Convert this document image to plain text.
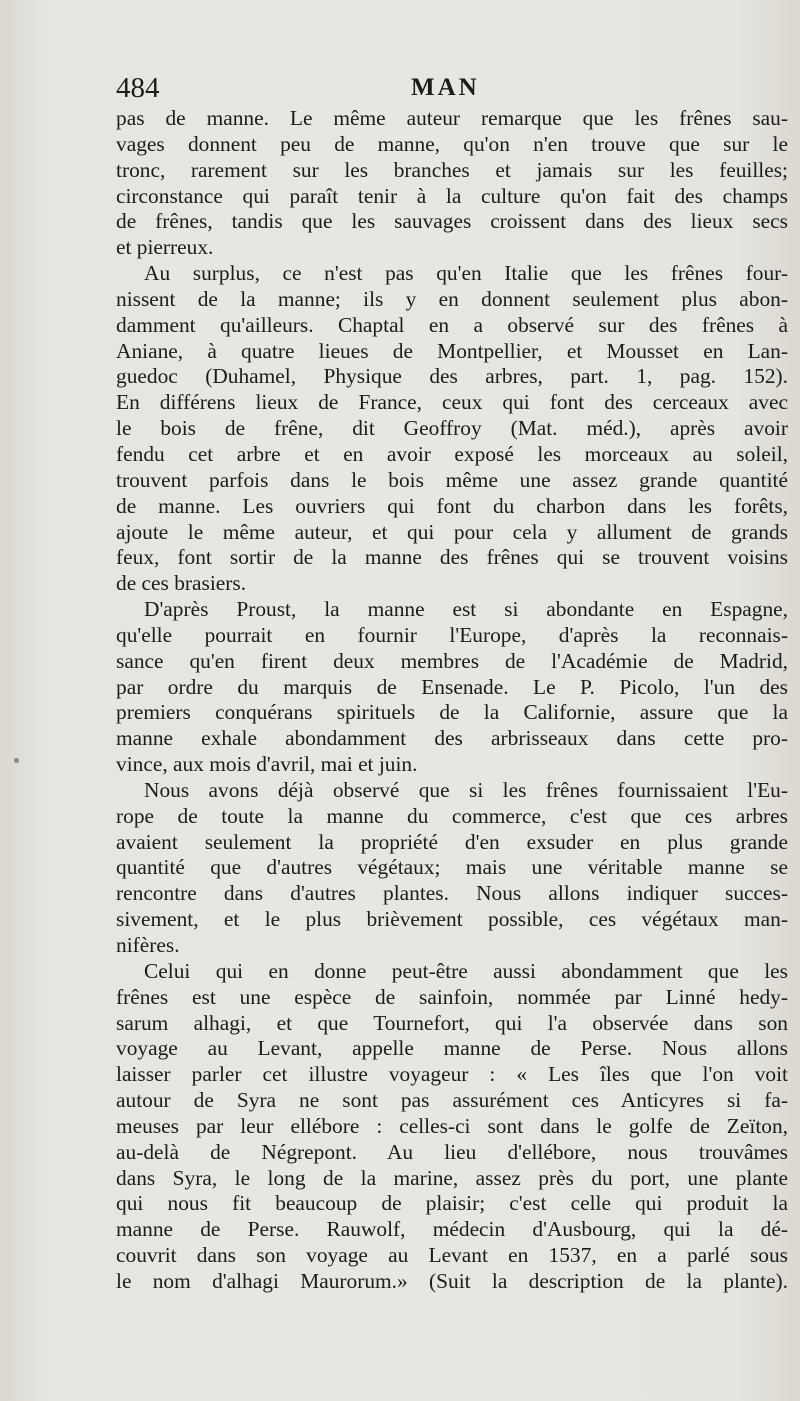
484	MAN
pas de manne. Le même auteur remarque que les frênes sau-
vages donnent peu de manne, qu'on n'en trouve que sur le
tronc, rarement sur les branches et jamais sur les feuilles;
circonstance qui paraît tenir à la culture qu'on fait des champs
de frênes, tandis que les sauvages croissent dans des lieux secs
et pierreux.
Au surplus, ce n'est pas qu'en Italie que les frênes four-
nissent de la manne; ils y en donnent seulement plus abon-
damment qu'ailleurs. Chaptal en a observé sur des frênes à
Aniane, à quatre lieues de Montpellier, et Mousset en Lan-
guedoc (Duhamel, Physique des arbres, part. 1, pag. 152).
En différens lieux de France, ceux qui font des cerceaux avec
le bois de frêne, dit Geoffroy (Mat. méd.), après avoir
fendu cet arbre et en avoir exposé les morceaux au soleil,
trouvent parfois dans le bois même une assez grande quantité
de manne. Les ouvriers qui font du charbon dans les forêts,
ajoute le même auteur, et qui pour cela y allument de grands
feux, font sortir de la manne des frênes qui se trouvent voisins
de ces brasiers.
D'après Proust, la manne est si abondante en Espagne,
qu'elle pourrait en fournir l'Europe, d'après la reconnais-
sance qu'en firent deux membres de l'Académie de Madrid,
par ordre du marquis de Ensenade. Le P. Picolo, l'un des
premiers conquérans spirituels de la Californie, assure que la
manne exhale abondamment des arbrisseaux dans cette pro-
vince, aux mois d'avril, mai et juin.
Nous avons déjà observé que si les frênes fournissaient l'Eu-
rope de toute la manne du commerce, c'est que ces arbres
avaient seulement la propriété d'en exsuder en plus grande
quantité que d'autres végétaux; mais une véritable manne se
rencontre dans d'autres plantes. Nous allons indiquer succes-
sivement, et le plus brièvement possible, ces végétaux man-
nifères.
Celui qui en donne peut-être aussi abondamment que les
frênes est une espèce de sainfoin, nommée par Linné hedy-
sarum alhagi, et que Tournefort, qui l'a observée dans son
voyage au Levant, appelle manne de Perse. Nous allons
laisser parler cet illustre voyageur : « Les îles que l'on voit
autour de Syra ne sont pas assurément ces Anticyres si fa-
meuses par leur ellébore : celles-ci sont dans le golfe de Zeïton,
au-delà de Négrepont. Au lieu d'ellébore, nous trouvâmes
dans Syra, le long de la marine, assez près du port, une plante
qui nous fit beaucoup de plaisir; c'est celle qui produit la
manne de Perse. Rauwolf, médecin d'Ausbourg, qui la dé-
couvrit dans son voyage au Levant en 1537, en a parlé sous
le nom d'alhagi Maurorum.» (Suit la description de la plante).
